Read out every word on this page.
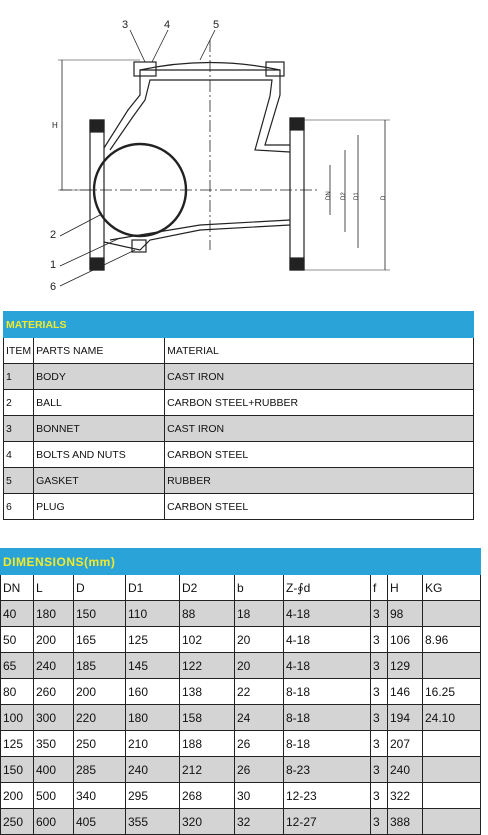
3	4	5
2
1
6
H
DN D2 D1	D
MATERIALS		
ITEM	PARTS NAME	MATERIAL
1	BODY	CAST IRON
2	BALL	CARBON STEEL+RUBBER
3	BONNET	CAST IRON
4	BOLTS AND NUTS	CARBON STEEL
5	GASKET	RUBBER
6	PLUG	CARBON STEEL
DIMENSIONS(mm)									
DN	L	D	D1	D2	b	Z-∮d	f	H	KG
40	180	150	110	88	18	4-18	3	98	
50	200	165	125	102	20	4-18	3	106	8.96
65	240	185	145	122	20	4-18	3	129	
80	260	200	160	138	22	8-18	3	146	16.25
100	300	220	180	158	24	8-18	3	194	24.10
125	350	250	210	188	26	8-18	3	207	
150	400	285	240	212	26	8-23	3	240	
200	500	340	295	268	30	12-23	3	322	
250	600	405	355	320	32	12-27	3	388	
